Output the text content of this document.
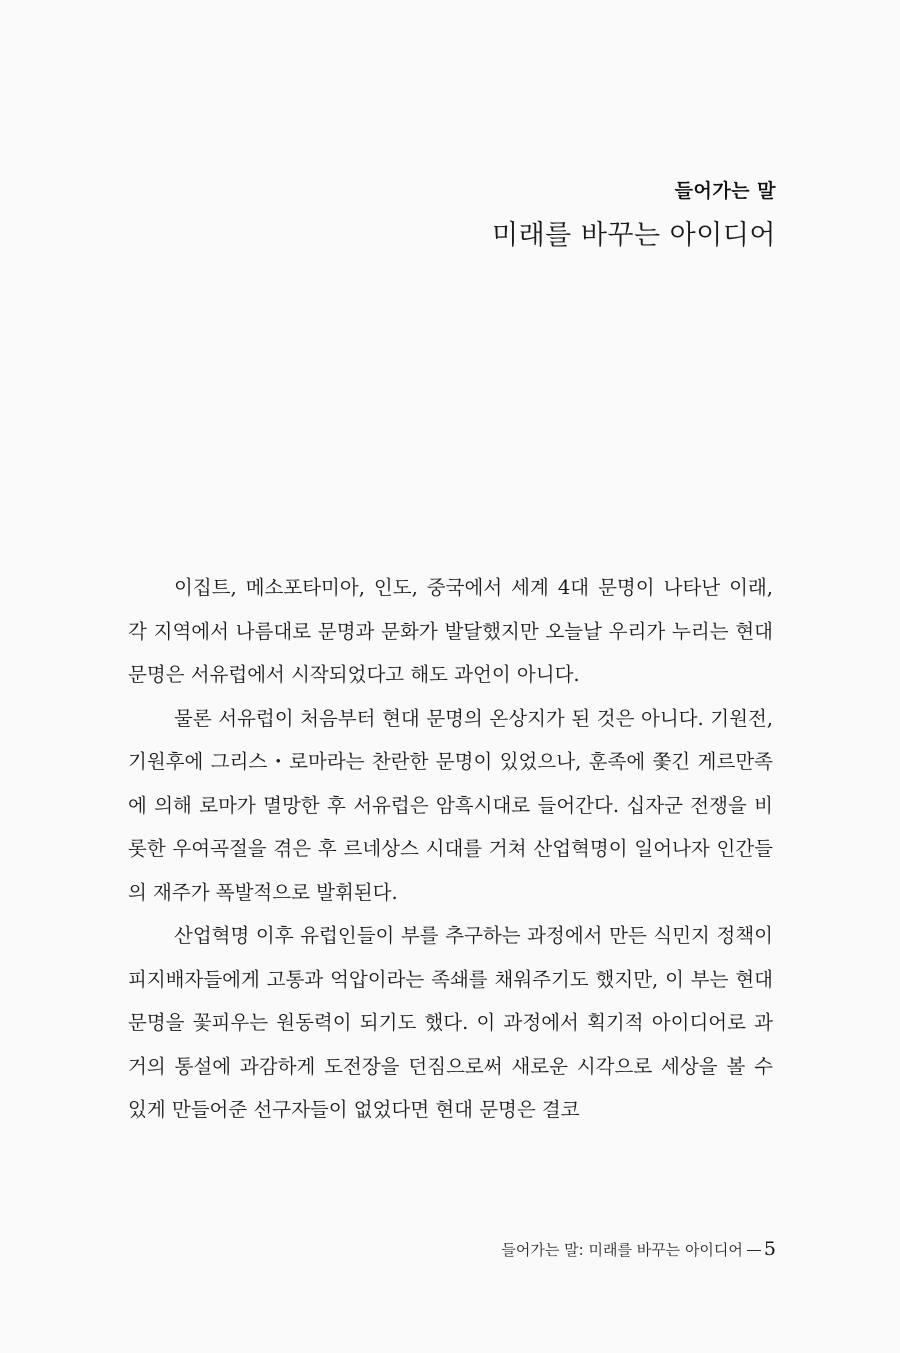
들어가는 말
미래를 바꾸는 아이디어

이집트, 메소포타미아, 인도, 중국에서 세계 4대 문명이 나타난 이래, 각 지역에서 나름대로 문명과 문화가 발달했지만 오늘날 우리가 누리는 현대 문명은 서유럽에서 시작되었다고 해도 과언이 아니다.

물론 서유럽이 처음부터 현대 문명의 온상지가 된 것은 아니다. 기원전, 기원후에 그리스・로마라는 찬란한 문명이 있었으나, 훈족에 쫓긴 게르만족에 의해 로마가 멸망한 후 서유럽은 암흑시대로 들어간다. 십자군 전쟁을 비롯한 우여곡절을 겪은 후 르네상스 시대를 거쳐 산업혁명이 일어나자 인간들의 재주가 폭발적으로 발휘된다.

산업혁명 이후 유럽인들이 부를 추구하는 과정에서 만든 식민지 정책이 피지배자들에게 고통과 억압이라는 족쇄를 채워주기도 했지만, 이 부는 현대 문명을 꽃피우는 원동력이 되기도 했다. 이 과정에서 획기적 아이디어로 과거의 통설에 과감하게 도전장을 던짐으로써 새로운 시각으로 세상을 볼 수 있게 만들어준 선구자들이 없었다면 현대 문명은 결코

들어가는 말: 미래를 바꾸는 아이디어 5
